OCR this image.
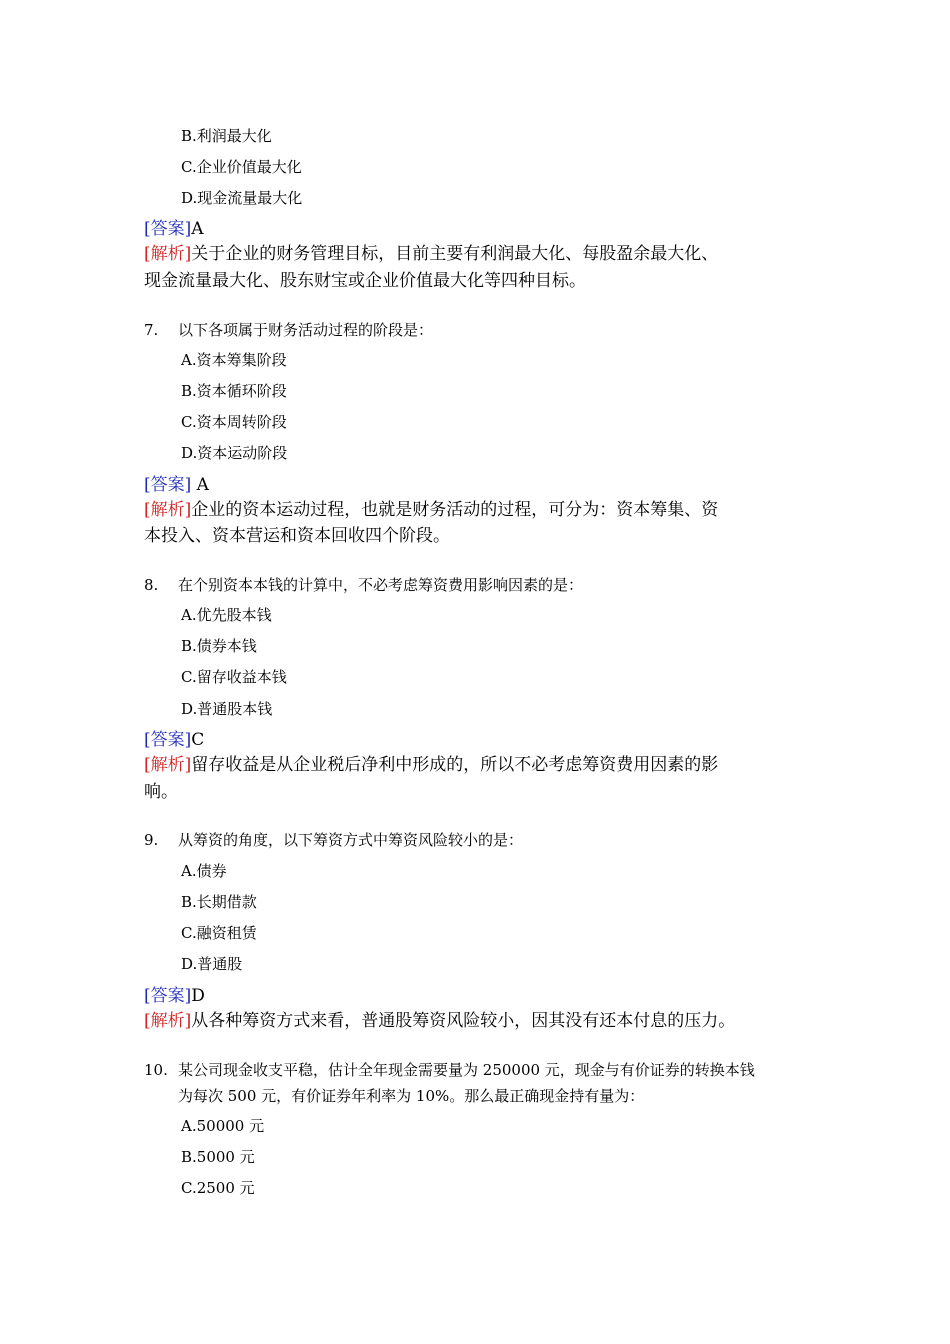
B.利润最大化
C.企业价值最大化
D.现金流量最大化
[答案]A
[解析]关于企业的财务管理目标，目前主要有利润最大化、每股盈余最大化、
现金流量最大化、股东财宝或企业价值最大化等四种目标。
7. 以下各项属于财务活动过程的阶段是：
A.资本筹集阶段
B.资本循环阶段
C.资本周转阶段
D.资本运动阶段
[答案] A
[解析]企业的资本运动过程，也就是财务活动的过程，可分为：资本筹集、资
本投入、资本营运和资本回收四个阶段。
8. 在个别资本本钱的计算中，不必考虑筹资费用影响因素的是：
A.优先股本钱
B.债券本钱
C.留存收益本钱
D.普通股本钱
[答案]C
[解析]留存收益是从企业税后净利中形成的，所以不必考虑筹资费用因素的影
响。
9. 从筹资的角度，以下筹资方式中筹资风险较小的是：
A.债券
B.长期借款
C.融资租赁
D.普通股
[答案]D
[解析]从各种筹资方式来看，普通股筹资风险较小，因其没有还本付息的压力。
10. 某公司现金收支平稳，估计全年现金需要量为 250000 元，现金与有价证券的转换本钱
为每次 500 元，有价证券年利率为 10%。那么最正确现金持有量为：
A.50000 元
B.5000 元
C.2500 元
